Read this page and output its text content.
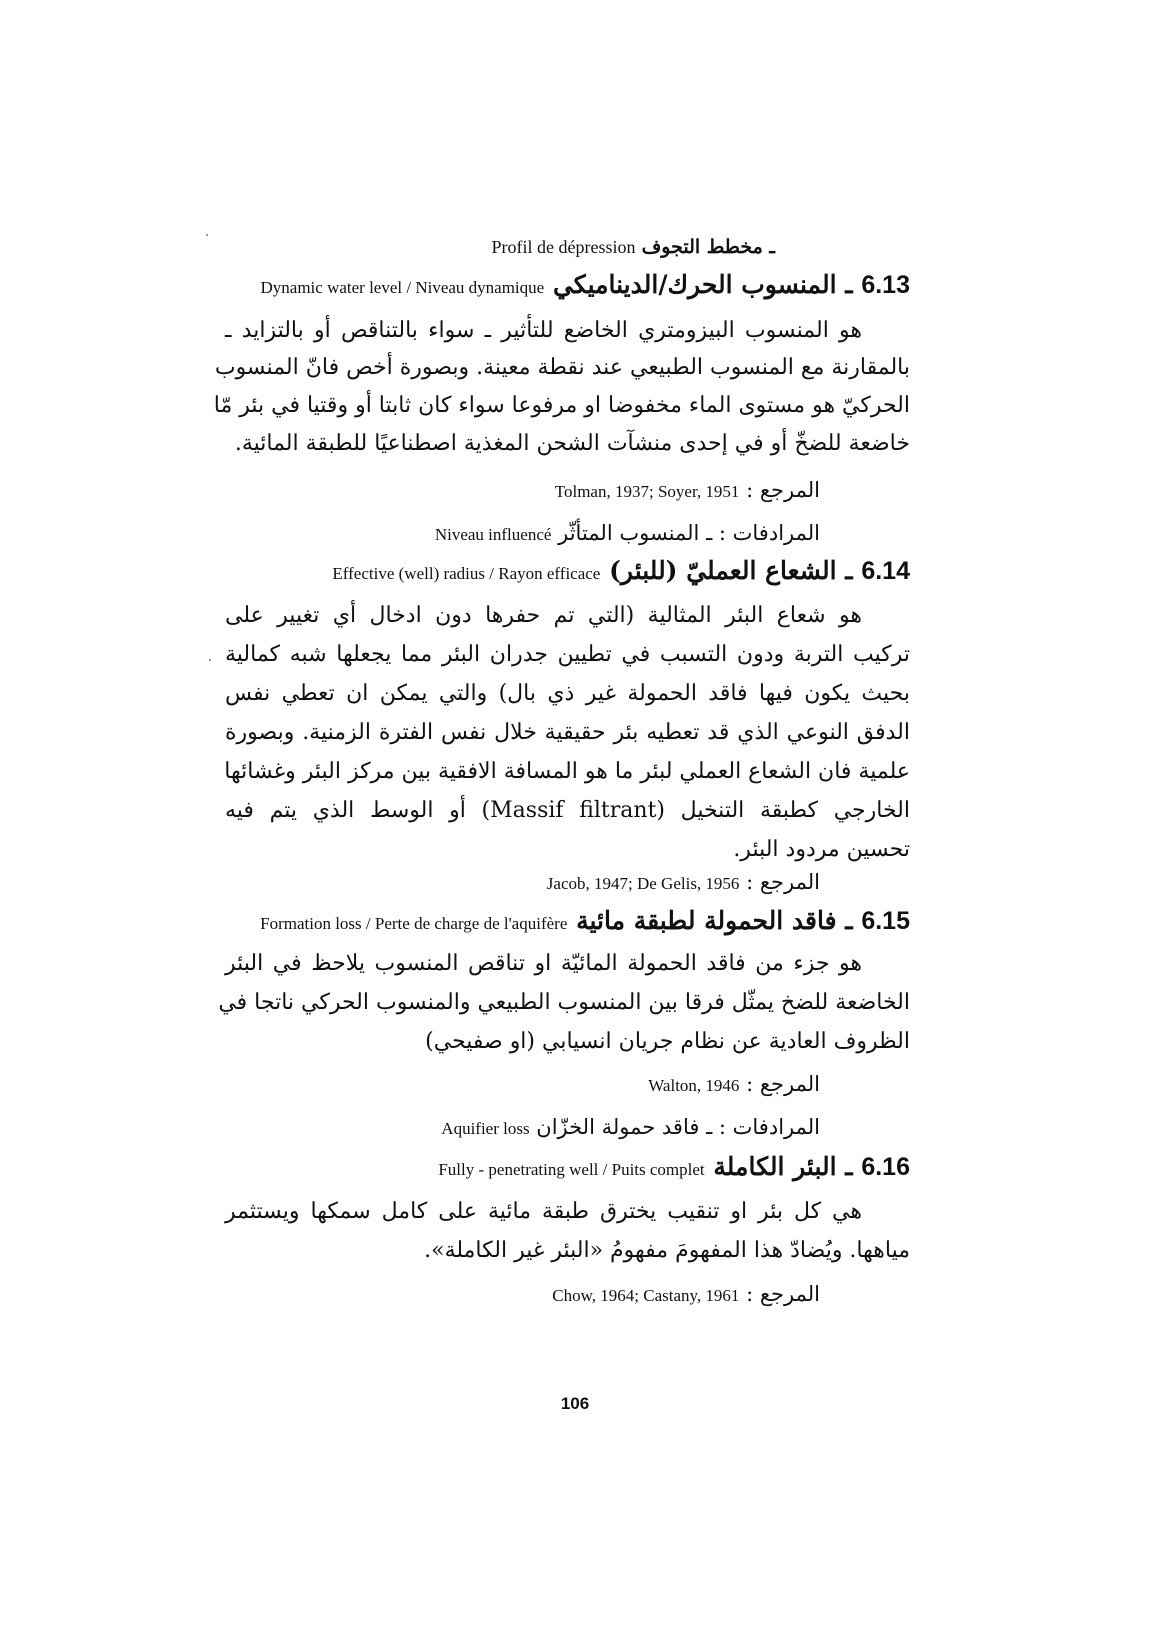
ـ مخطط التجوف Profil de dépression
6.13 ـ المنسوب الحرك/الديناميكي Dynamic water level / Niveau dynamique
هو المنسوب البيزومتري الخاضع للتأثير ـ سواء بالتناقص أو بالتزايد ـ
بالمقارنة مع المنسوب الطبيعي عند نقطة معينة. وبصورة أخص فانّ المنسوب
الحركيّ هو مستوى الماء مخفوضا او مرفوعا سواء كان ثابتا أو وقتيا في بئر مّا
خاضعة للضخّ أو في إحدى منشآت الشحن المغذية اصطناعيًا للطبقة المائية.
المرجع : Tolman, 1937; Soyer, 1951
المرادفات : ـ المنسوب المتأثّر Niveau influencé
6.14 ـ الشعاع العمليّ (للبئر) Effective (well) radius / Rayon efficace
هو شعاع البئر المثالية (التي تم حفرها دون ادخال أي تغيير على
تركيب التربة ودون التسبب في تطيين جدران البئر مما يجعلها شبه كمالية
بحيث يكون فيها فاقد الحمولة غير ذي بال) والتي يمكن ان تعطي نفس
الدفق النوعي الذي قد تعطيه بئر حقيقية خلال نفس الفترة الزمنية. وبصورة
علمية فان الشعاع العملي لبئر ما هو المسافة الافقية بين مركز البئر وغشائها
الخارجي كطبقة التنخيل (Massif filtrant) أو الوسط الذي يتم فيه
تحسين مردود البئر.
المرجع : Jacob, 1947; De Gelis, 1956
6.15 ـ فاقد الحمولة لطبقة مائية Formation loss / Perte de charge de l'aquifère
هو جزء من فاقد الحمولة المائيّة او تناقص المنسوب يلاحظ في البئر
الخاضعة للضخ يمثّل فرقا بين المنسوب الطبيعي والمنسوب الحركي ناتجا في
الظروف العادية عن نظام جريان انسيابي (او صفيحي)
المرجع : Walton, 1946
المرادفات : ـ فاقد حمولة الخزّان Aquifier loss
6.16 ـ البئر الكاملة Fully - penetrating well / Puits complet
هي كل بئر او تنقيب يخترق طبقة مائية على كامل سمكها ويستثمر
مياهها. ويُضادّ هذا المفهومَ مفهومُ «البئر غير الكاملة».
المرجع : Chow, 1964; Castany, 1961
106
